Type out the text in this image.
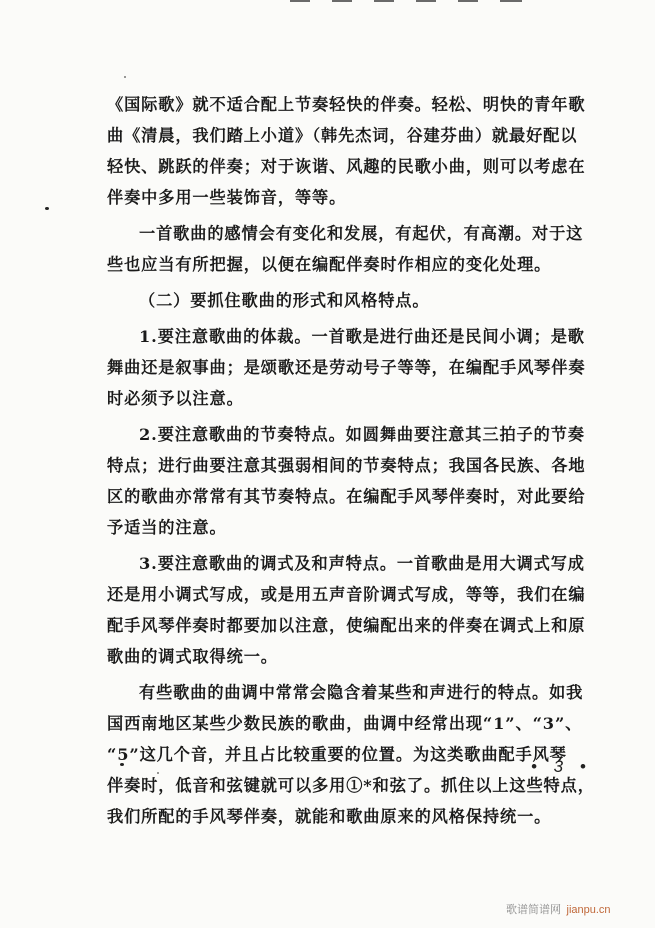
《国际歌》就不适合配上节奏轻快的伴奏。轻松、明快的青年歌
曲《清晨，我们踏上小道》（韩先杰词，谷建芬曲）就最好配以
轻快、跳跃的伴奏；对于诙谐、风趣的民歌小曲，则可以考虑在
伴奏中多用一些装饰音，等等。
一首歌曲的感情会有变化和发展，有起伏，有高潮。对于这
些也应当有所把握，以便在编配伴奏时作相应的变化处理。
（二）要抓住歌曲的形式和风格特点。
1.要注意歌曲的体裁。一首歌是进行曲还是民间小调；是歌
舞曲还是叙事曲；是颂歌还是劳动号子等等，在编配手风琴伴奏
时必须予以注意。
2.要注意歌曲的节奏特点。如圆舞曲要注意其三拍子的节奏
特点；进行曲要注意其强弱相间的节奏特点；我国各民族、各地
区的歌曲亦常常有其节奏特点。在编配手风琴伴奏时，对此要给
予适当的注意。
3.要注意歌曲的调式及和声特点。一首歌曲是用大调式写成
还是用小调式写成，或是用五声音阶调式写成，等等，我们在编
配手风琴伴奏时都要加以注意，使编配出来的伴奏在调式上和原
歌曲的调式取得统一。
有些歌曲的曲调中常常会隐含着某些和声进行的特点。如我
国西南地区某些少数民族的歌曲，曲调中经常出现“1”、“3”、
“5”这几个音，并且占比较重要的位置。为这类歌曲配手风琴
伴奏时，低音和弦键就可以多用①*和弦了。抓住以上这些特点，
我们所配的手风琴伴奏，就能和歌曲原来的风格保持统一。
• 3 •
歌谱简谱网 jianpu.cn
